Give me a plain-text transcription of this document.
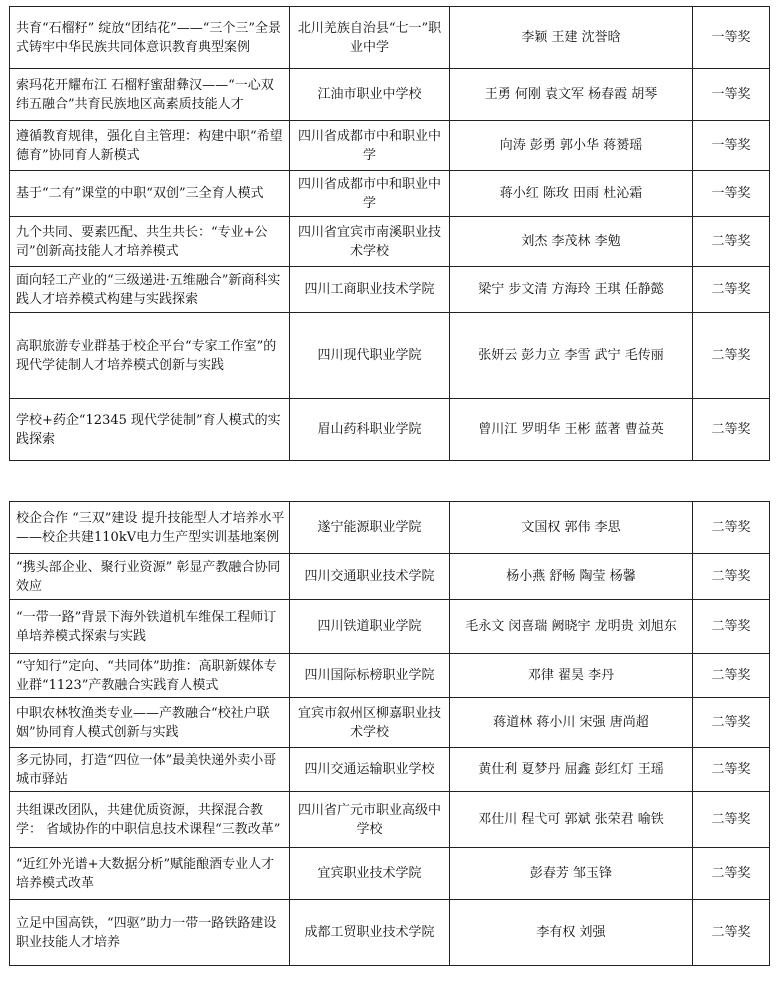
共育“石榴籽” 绽放“团结花”——“三个三”全景式铸牢中华民族共同体意识教育典型案例	北川羌族自治县“七一”职业中学	李颖 王建 沈誉晗	一等奖
索玛花开耀布江 石榴籽蜜甜彝汉——“一心双纬五融合”共育民族地区高素质技能人才	江油市职业中学校	王勇 何刚 袁文军 杨春霞 胡琴	一等奖
遵循教育规律，强化自主管理：构建中职“希望德育”协同育人新模式	四川省成都市中和职业中学	向涛 彭勇 郭小华 蒋赟瑶	一等奖
基于“二有”课堂的中职“双创”三全育人模式	四川省成都市中和职业中学	蒋小红 陈玫 田雨 杜沁霜	一等奖
九个共同、要素匹配、共生共长：“专业+公司”创新高技能人才培养模式	四川省宜宾市南溪职业技术学校	刘杰 李茂林 李勉	二等奖
面向轻工产业的“三级递进·五维融合”新商科实践人才培养模式构建与实践探索	四川工商职业技术学院	梁宁 步文清 方海玲 王琪 任静懿	二等奖
高职旅游专业群基于校企平台“专家工作室”的现代学徒制人才培养模式创新与实践	四川现代职业学院	张妍云 彭力立 李雪 武宁 毛传丽	二等奖
学校+药企“12345 现代学徒制”育人模式的实践探索	眉山药科职业学院	曾川江 罗明华 王彬 蓝著 曹益英	二等奖
校企合作 “三双”建设 提升技能型人才培养水平 ——校企共建110kV电力生产型实训基地案例	遂宁能源职业学院	文国权 郭伟 李思	二等奖
“携头部企业、聚行业资源” 彰显产教融合协同效应	四川交通职业技术学院	杨小燕 舒畅 陶莹 杨馨	二等奖
“一带一路”背景下海外铁道机车维保工程师订单培养模式探索与实践	四川铁道职业学院	毛永文 闵喜瑞 阙晓宇 龙明贵 刘旭东	二等奖
“守知行”定向、“共同体”助推：高职新媒体专业群“1123”产教融合实践育人模式	四川国际标榜职业学院	邓律 翟昊 李丹	二等奖
中职农林牧渔类专业——产教融合“校社户联姻”协同育人模式创新与实践	宜宾市叙州区柳嘉职业技术学校	蒋道林 蒋小川 宋强 唐尚超	二等奖
多元协同，打造“四位一体”最美快递外卖小哥城市驿站	四川交通运输职业学校	黄仕利 夏梦丹 屈鑫 彭红灯 王瑶	二等奖
共组课改团队，共建优质资源，共探混合教学： 省域协作的中职信息技术课程“三教改革”	四川省广元市职业高级中学校	邓仕川 程弋可 郭斌 张荣君 喻铁	二等奖
“近红外光谱+大数据分析”赋能酿酒专业人才培养模式改革	宜宾职业技术学院	彭春芳 邹玉锋	二等奖
立足中国高铁，“四驱”助力一带一路铁路建设职业技能人才培养	成都工贸职业技术学院	李有权 刘强	二等奖
